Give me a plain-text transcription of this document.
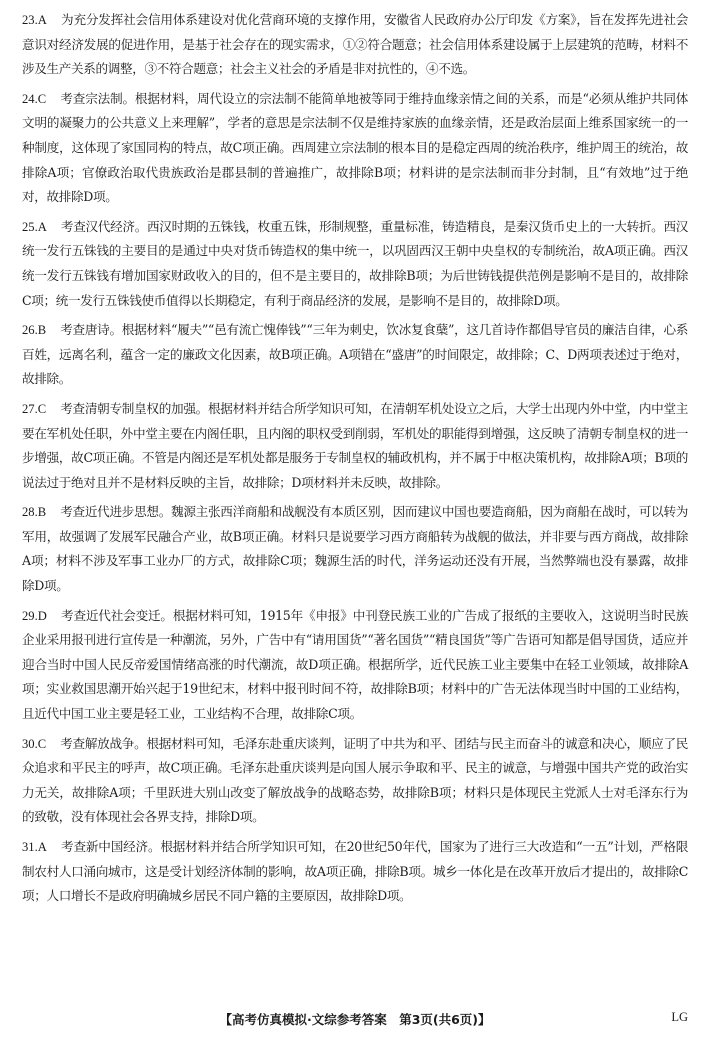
23.A 为充分发挥社会信用体系建设对优化营商环境的支撑作用，安徽省人民政府办公厅印发《方案》，旨在发挥先进社会意识对经济发展的促进作用，是基于社会存在的现实需求，①②符合题意；社会信用体系建设属于上层建筑的范畴，材料不涉及生产关系的调整，③不符合题意；社会主义社会的矛盾是非对抗性的，④不选。

24.C 考查宗法制。根据材料，周代设立的宗法制不能简单地被等同于维持血缘亲情之间的关系，而是“必须从维护共同体文明的凝聚力的公共意义上来理解”，学者的意思是宗法制不仅是维持家族的血缘亲情，还是政治层面上维系国家统一的一种制度，这体现了家国同构的特点，故C项正确。西周建立宗法制的根本目的是稳定西周的统治秩序，维护周王的统治，故排除A项；官僚政治取代贵族政治是郡县制的普遍推广，故排除B项；材料讲的是宗法制而非分封制，且“有效地”过于绝对，故排除D项。

25.A 考查汉代经济。西汉时期的五铢钱，枚重五铢，形制规整，重量标准，铸造精良，是秦汉货币史上的一大转折。西汉统一发行五铢钱的主要目的是通过中央对货币铸造权的集中统一，以巩固西汉王朝中央皇权的专制统治，故A项正确。西汉统一发行五铢钱有增加国家财政收入的目的，但不是主要目的，故排除B项；为后世铸钱提供范例是影响不是目的，故排除C项；统一发行五铢钱使币值得以长期稳定，有利于商品经济的发展，是影响不是目的，故排除D项。

26.B 考查唐诗。根据材料“履夫”“邑有流亡愧俸钱”“三年为刺史，饮冰复食蘖”，这几首诗作都倡导官员的廉洁自律，心系百姓，远离名利，蕴含一定的廉政文化因素，故B项正确。A项错在“盛唐”的时间限定，故排除；C、D两项表述过于绝对，故排除。

27.C 考查清朝专制皇权的加强。根据材料并结合所学知识可知，在清朝军机处设立之后，大学士出现内外中堂，内中堂主要在军机处任职，外中堂主要在内阁任职，且内阁的职权受到削弱，军机处的职能得到增强，这反映了清朝专制皇权的进一步增强，故C项正确。不管是内阁还是军机处都是服务于专制皇权的辅政机构，并不属于中枢决策机构，故排除A项；B项的说法过于绝对且并不是材料反映的主旨，故排除；D项材料并未反映，故排除。

28.B 考查近代进步思想。魏源主张西洋商船和战舰没有本质区别，因而建议中国也要造商船，因为商船在战时，可以转为军用，故强调了发展军民融合产业，故B项正确。材料只是说要学习西方商船转为战舰的做法，并非要与西方商战，故排除A项；材料不涉及军事工业办厂的方式，故排除C项；魏源生活的时代，洋务运动还没有开展，当然弊端也没有暴露，故排除D项。

29.D 考查近代社会变迁。根据材料可知，1915年《申报》中刊登民族工业的广告成了报纸的主要收入，这说明当时民族企业采用报刊进行宣传是一种潮流，另外，广告中有“请用国货”“著名国货”“精良国货”等广告语可知都是倡导国货，适应并迎合当时中国人民反帝爱国情绪高涨的时代潮流，故D项正确。根据所学，近代民族工业主要集中在轻工业领域，故排除A项；实业救国思潮开始兴起于19世纪末，材料中报刊时间不符，故排除B项；材料中的广告无法体现当时中国的工业结构，且近代中国工业主要是轻工业，工业结构不合理，故排除C项。

30.C 考查解放战争。根据材料可知，毛泽东赴重庆谈判，证明了中共为和平、团结与民主而奋斗的诚意和决心，顺应了民众追求和平民主的呼声，故C项正确。毛泽东赴重庆谈判是向国人展示争取和平、民主的诚意，与增强中国共产党的政治实力无关，故排除A项；千里跃进大别山改变了解放战争的战略态势，故排除B项；材料只是体现民主党派人士对毛泽东行为的致敬，没有体现社会各界支持，排除D项。

31.A 考查新中国经济。根据材料并结合所学知识可知，在20世纪50年代，国家为了进行三大改造和“一五”计划，严格限制农村人口涌向城市，这是受计划经济体制的影响，故A项正确，排除B项。城乡一体化是在改革开放后才提出的，故排除C项；人口增长不是政府明确城乡居民不同户籍的主要原因，故排除D项。

【高考仿真模拟·文综参考答案　第3页(共6页)】	LG
